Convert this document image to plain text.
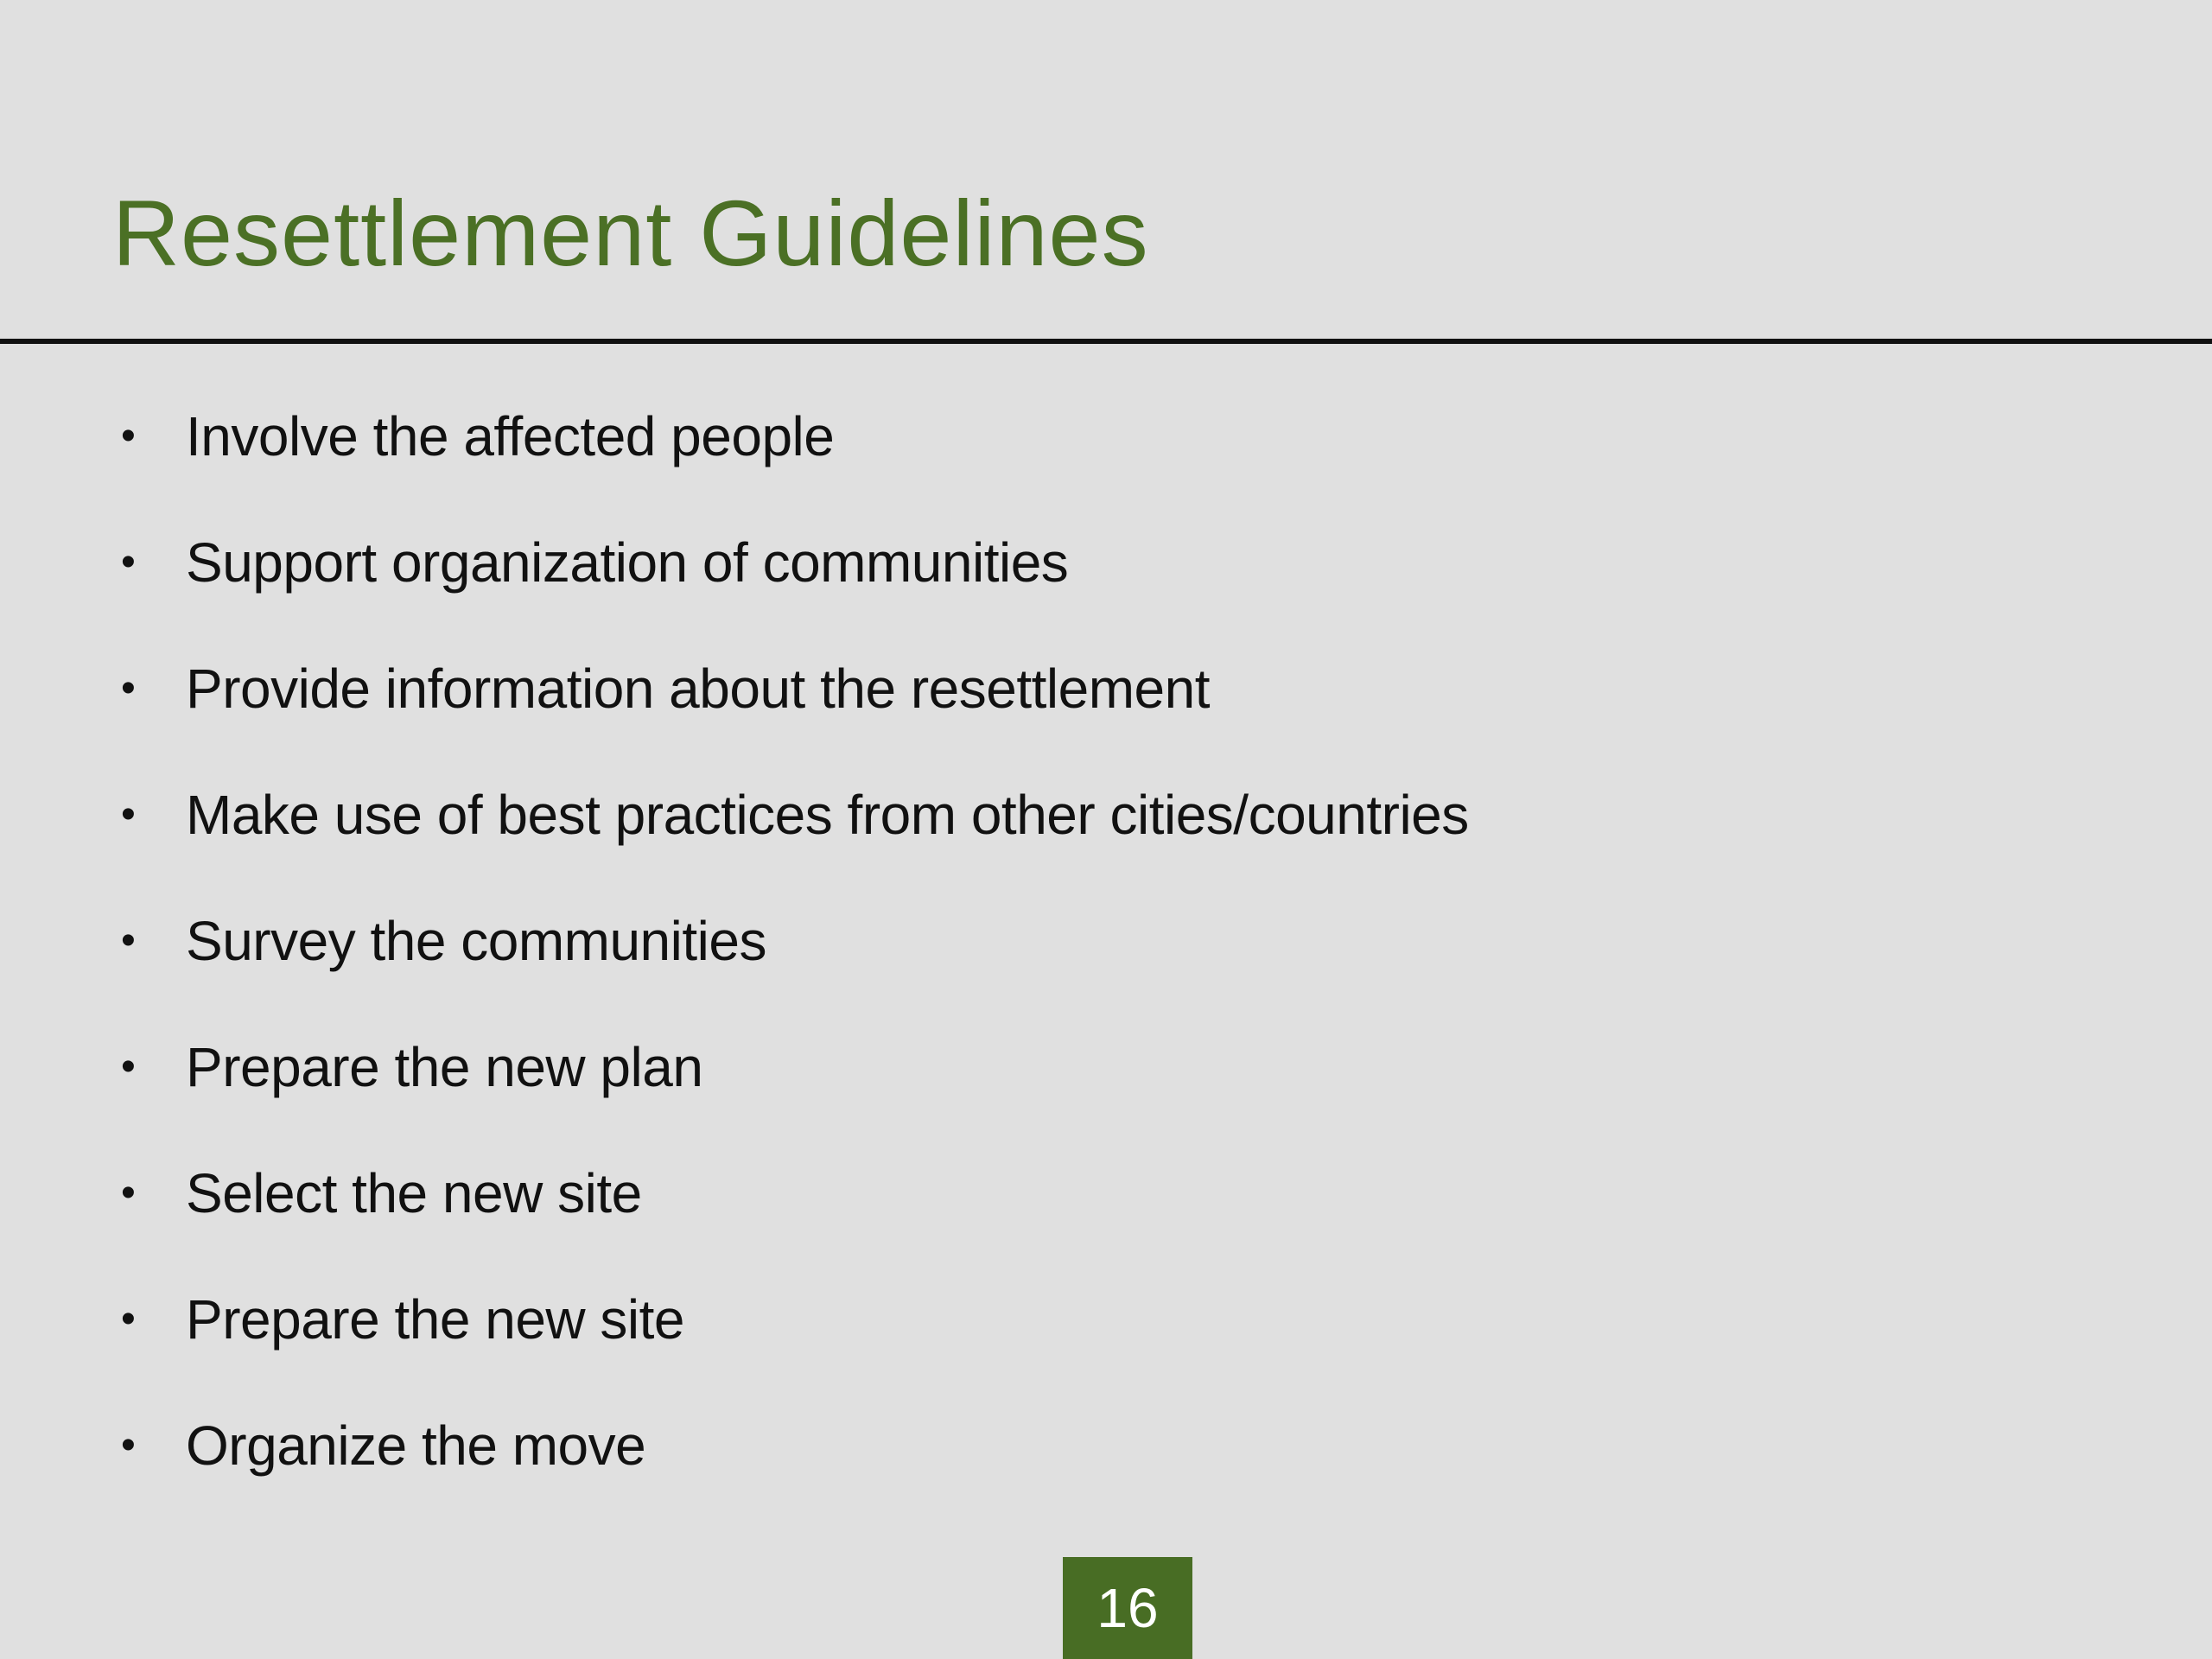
Resettlement Guidelines
• Involve the affected people
• Support organization of communities
• Provide information about the resettlement
• Make use of best practices from other cities/countries
• Survey the communities
• Prepare the new plan
• Select the new site
• Prepare the new site
• Organize the move
16
